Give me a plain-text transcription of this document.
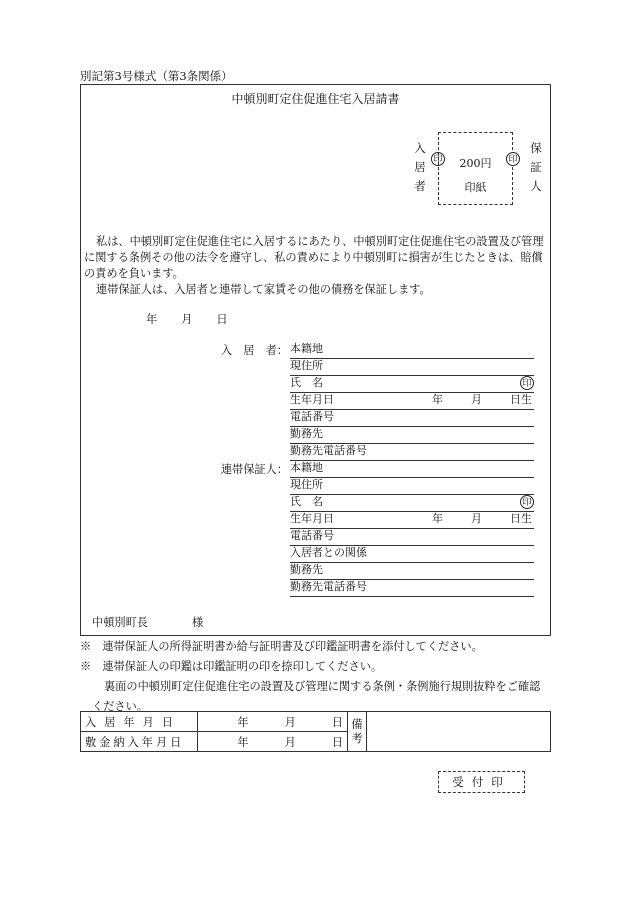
別記第3号様式（第3条関係）
中頓別町定住促進住宅入居請書
入
居
者
印	200円
印紙
印
保
証
人
私は、中頓別町定住促進住宅に入居するにあたり、中頓別町定住促進住宅の設置及び管理に関する条例その他の法令を遵守し、私の責めにより中頓別町に損害が生じたときは、賠償の責めを負います。
連帯保証人は、入居者と連帯して家賃その他の債務を保証します。
年 月 日
入　居　者： 本籍地
現住所
氏　名	印
生年月日	年	月	日生
電話番号
勤務先
勤務先電話番号
連帯保証人： 本籍地
現住所
氏　名	印
生年月日	年	月	日生
電話番号
入居者との関係
勤務先
勤務先電話番号
中頓別町長	様
※　 連帯保証人の所得証明書か給与証明書及び印鑑証明書を添付してください。
※　 連帯保証人の印鑑は印鑑証明の印を捺印してください。
裏面の中頓別町定住促進住宅の設置及び管理に関する条例・条例施行規則抜粋をご確認ください。
入居年月日	年 月 日	備考	
敷金納入年月日	年 月 日		
受付印
